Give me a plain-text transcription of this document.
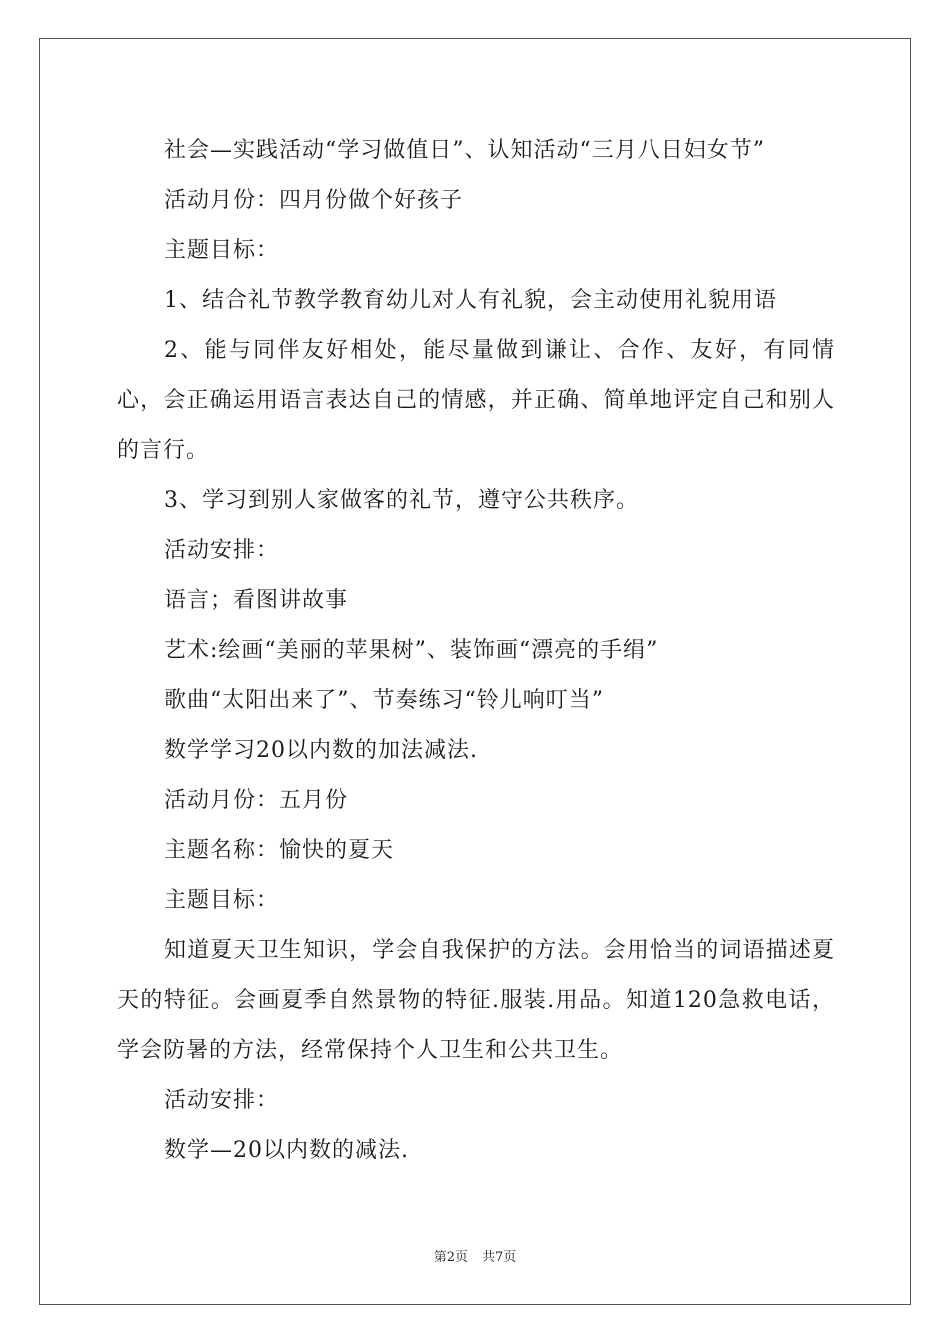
社会—实践活动“学习做值日”、认知活动“三月八日妇女节”

活动月份：四月份做个好孩子

主题目标：

1、结合礼节教学教育幼儿对人有礼貌，会主动使用礼貌用语

2、能与同伴友好相处，能尽量做到谦让、合作、友好，有同情心，会正确运用语言表达自己的情感，并正确、简单地评定自己和别人的言行。

3、学习到别人家做客的礼节，遵守公共秩序。

活动安排：

语言；看图讲故事

艺术:绘画“美丽的苹果树”、装饰画“漂亮的手绢”

歌曲“太阳出来了”、节奏练习“铃儿响叮当”

数学学习20以内数的加法减法.

活动月份：五月份

主题名称：愉快的夏天

主题目标：

知道夏天卫生知识，学会自我保护的方法。会用恰当的词语描述夏天的特征。会画夏季自然景物的特征.服装.用品。知道120急救电话，学会防暑的方法，经常保持个人卫生和公共卫生。

活动安排：

数学—20以内数的减法.

第2页 共7页
